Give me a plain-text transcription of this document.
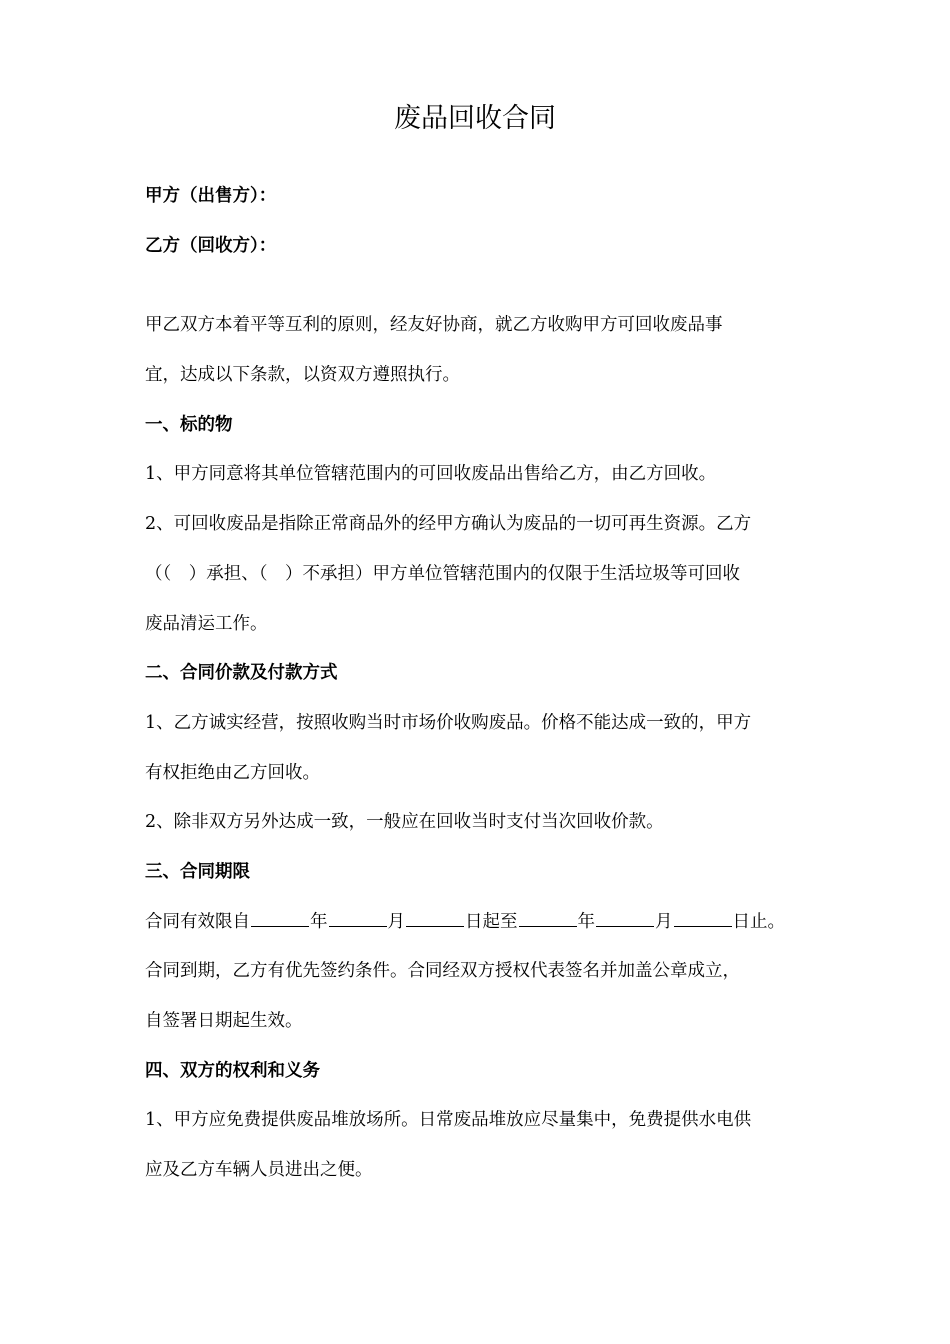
废品回收合同
甲方（出售方）：
乙方（回收方）：
甲乙双方本着平等互利的原则，经友好协商，就乙方收购甲方可回收废品事
宜，达成以下条款，以资双方遵照执行。
一、标的物
1、甲方同意将其单位管辖范围内的可回收废品出售给乙方，由乙方回收。
2、可回收废品是指除正常商品外的经甲方确认为废品的一切可再生资源。乙方
（（　）承担、（　）不承担）甲方单位管辖范围内的仅限于生活垃圾等可回收
废品清运工作。
二、合同价款及付款方式
1、乙方诚实经营，按照收购当时市场价收购废品。价格不能达成一致的，甲方
有权拒绝由乙方回收。
2、除非双方另外达成一致，一般应在回收当时支付当次回收价款。
三、合同期限
合同有效限自	年	月	日起至	年	月	日止。
合同到期，乙方有优先签约条件。合同经双方授权代表签名并加盖公章成立，
自签署日期起生效。
四、双方的权利和义务
1、甲方应免费提供废品堆放场所。日常废品堆放应尽量集中，免费提供水电供
应及乙方车辆人员进出之便。
